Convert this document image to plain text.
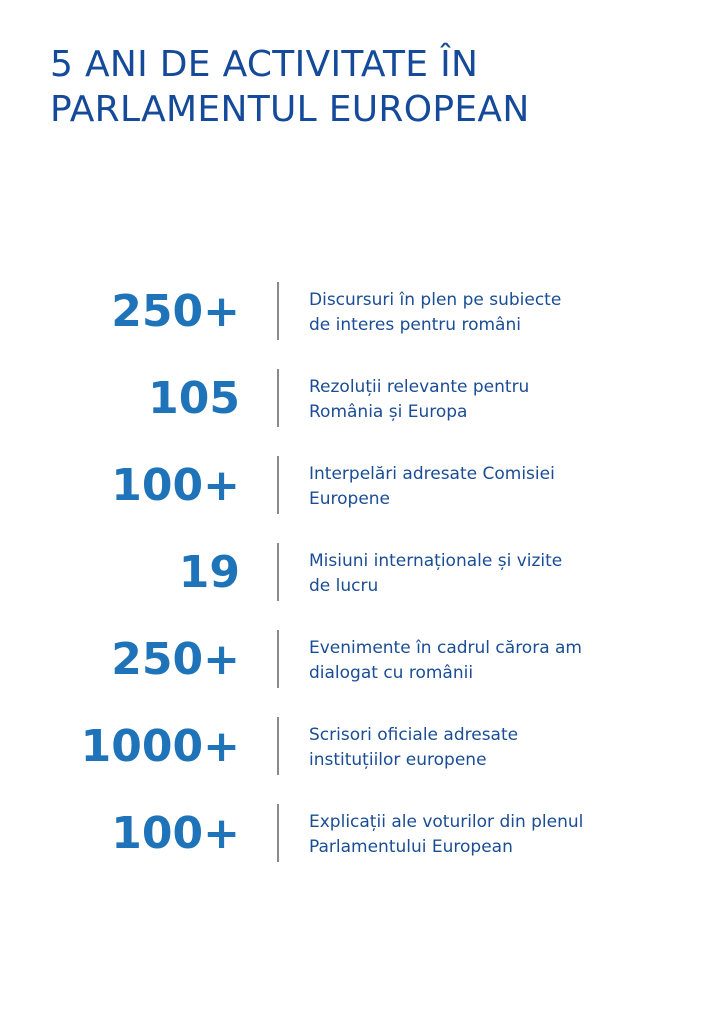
5 ANI DE ACTIVITATE ÎN
PARLAMENTUL EUROPEAN
250+	Discursuri în plen pe subiecte
de interes pentru români
105	Rezoluții relevante pentru
România și Europa
100+	Interpelări adresate Comisiei
Europene
19	Misiuni internaționale și vizite
de lucru
250+	Evenimente în cadrul cărora am
dialogat cu românii
1000+	Scrisori oficiale adresate
instituțiilor europene
100+	Explicații ale voturilor din plenul
Parlamentului European
